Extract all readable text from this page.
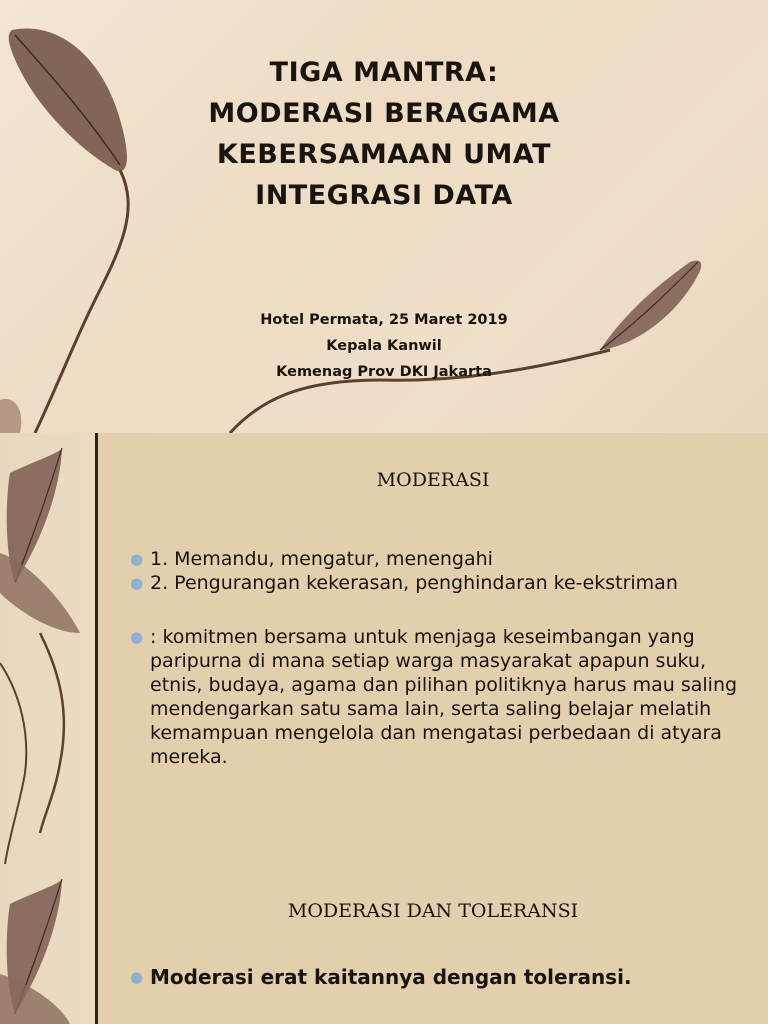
TIGA MANTRA:
MODERASI BERAGAMA
KEBERSAMAAN UMAT
INTEGRASI DATA
Hotel Permata, 25 Maret 2019
Kepala Kanwil
Kemenag Prov DKI Jakarta
MODERASI
● 1. Memandu, mengatur, menengahi
● 2. Pengurangan kekerasan, penghindaran ke-ekstriman
● : komitmen bersama untuk menjaga keseimbangan yang paripurna di mana setiap warga masyarakat apapun suku, etnis, budaya, agama dan pilihan politiknya harus mau saling mendengarkan satu sama lain, serta saling belajar melatih kemampuan mengelola dan mengatasi perbedaan di atyara mereka.
MODERASI DAN TOLERANSI
● Moderasi erat kaitannya dengan toleransi.
